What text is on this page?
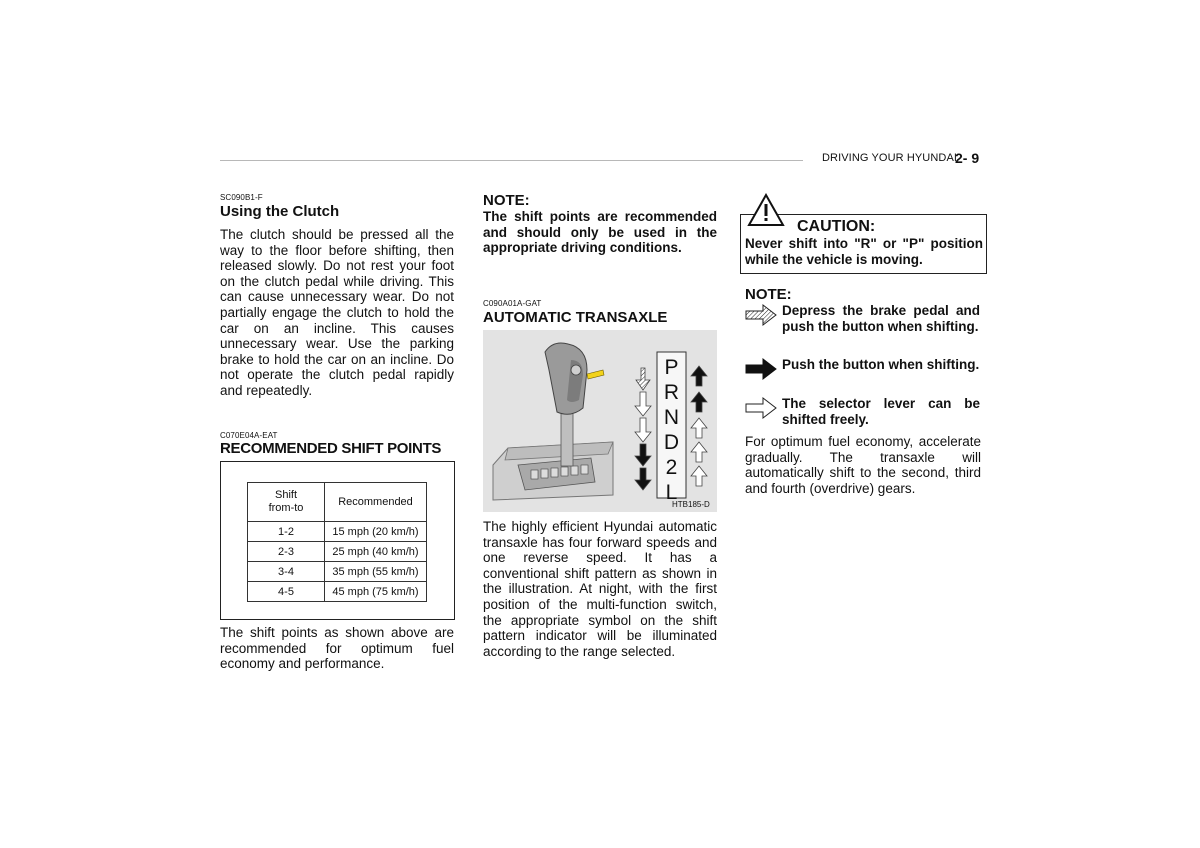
DRIVING YOUR HYUNDAI
2- 9
SC090B1-F
Using the Clutch
The clutch should be pressed all the way to the floor before shifting, then released slowly. Do not rest your foot on the clutch pedal while driving. This can cause unnecessary wear. Do not partially engage the clutch to hold the car on an incline. This causes unnecessary wear. Use the parking brake to hold the car on an incline. Do not operate the clutch pedal rapidly and repeatedly.
C070E04A-EAT
RECOMMENDED SHIFT POINTS
Shift
from-to	Recommended
1-2	15 mph (20 km/h)
2-3	25 mph (40 km/h)
3-4	35 mph (55 km/h)
4-5	45 mph (75 km/h)
The shift points as shown above are recommended for optimum fuel economy and performance.
NOTE:
The shift points are recommended and should only be used in the appropriate driving conditions.
C090A01A-GAT
AUTOMATIC TRANSAXLE
P
R
N
D
2
L
HTB185-D
The highly efficient Hyundai automatic transaxle has four forward speeds and one reverse speed. It has a conventional shift pattern as shown in the illustration. At night, with the first position of the multi-function switch, the appropriate symbol on the shift pattern indicator will be illuminated according to the range selected.
CAUTION:
Never shift into "R" or "P" position while the vehicle is moving.
NOTE:
Depress the brake pedal and push the button when shifting.
Push the button when shifting.
The selector lever can be shifted freely.
For optimum fuel economy, accelerate gradually. The transaxle will automatically shift to the second, third and fourth (overdrive) gears.
